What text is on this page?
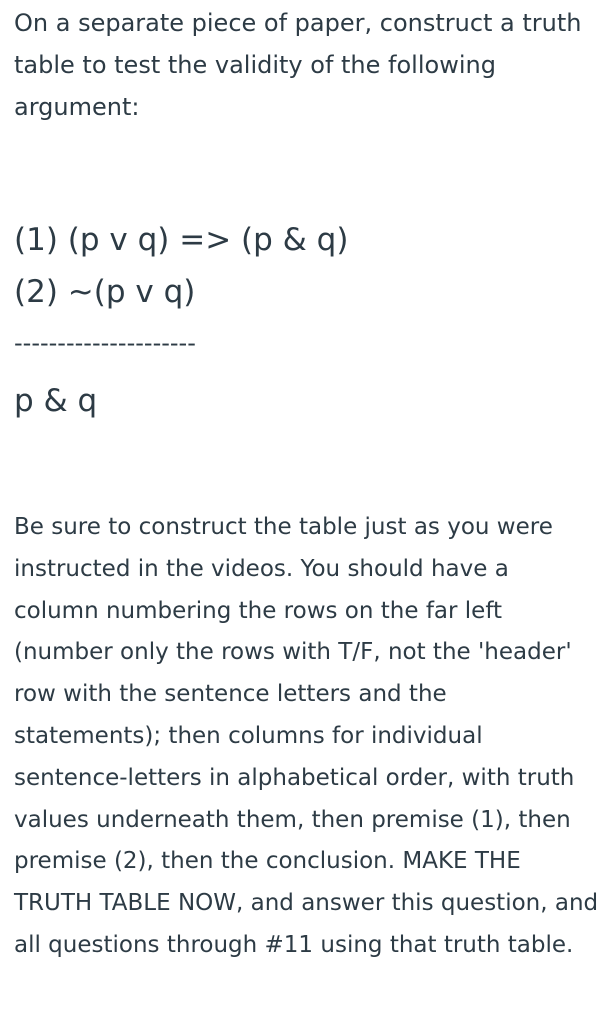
On a separate piece of paper, construct a truth table to test the validity of the following argument:

(1) (p v q) => (p & q)

(2) ~(p v q)

---------------------

p & q

Be sure to construct the table just as you were instructed in the videos. You should have a column numbering the rows on the far left (number only the rows with T/F, not the 'header' row with the sentence letters and the statements); then columns for individual sentence-letters in alphabetical order, with truth values underneath them, then premise (1), then premise (2), then the conclusion. MAKE THE TRUTH TABLE NOW, and answer this question, and all questions through #11 using that truth table.
